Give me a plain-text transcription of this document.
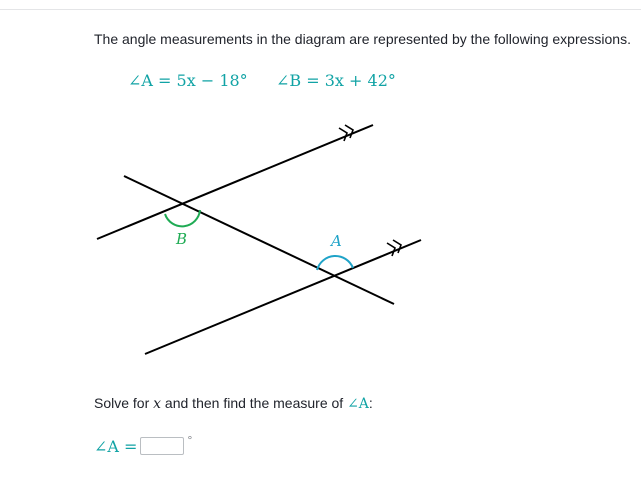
The angle measurements in the diagram are represented by the following expressions.
∠A = 5x − 18° ∠B = 3x + 42°
B	A
Solve for x and then find the measure of ∠A:
∠A =	°
